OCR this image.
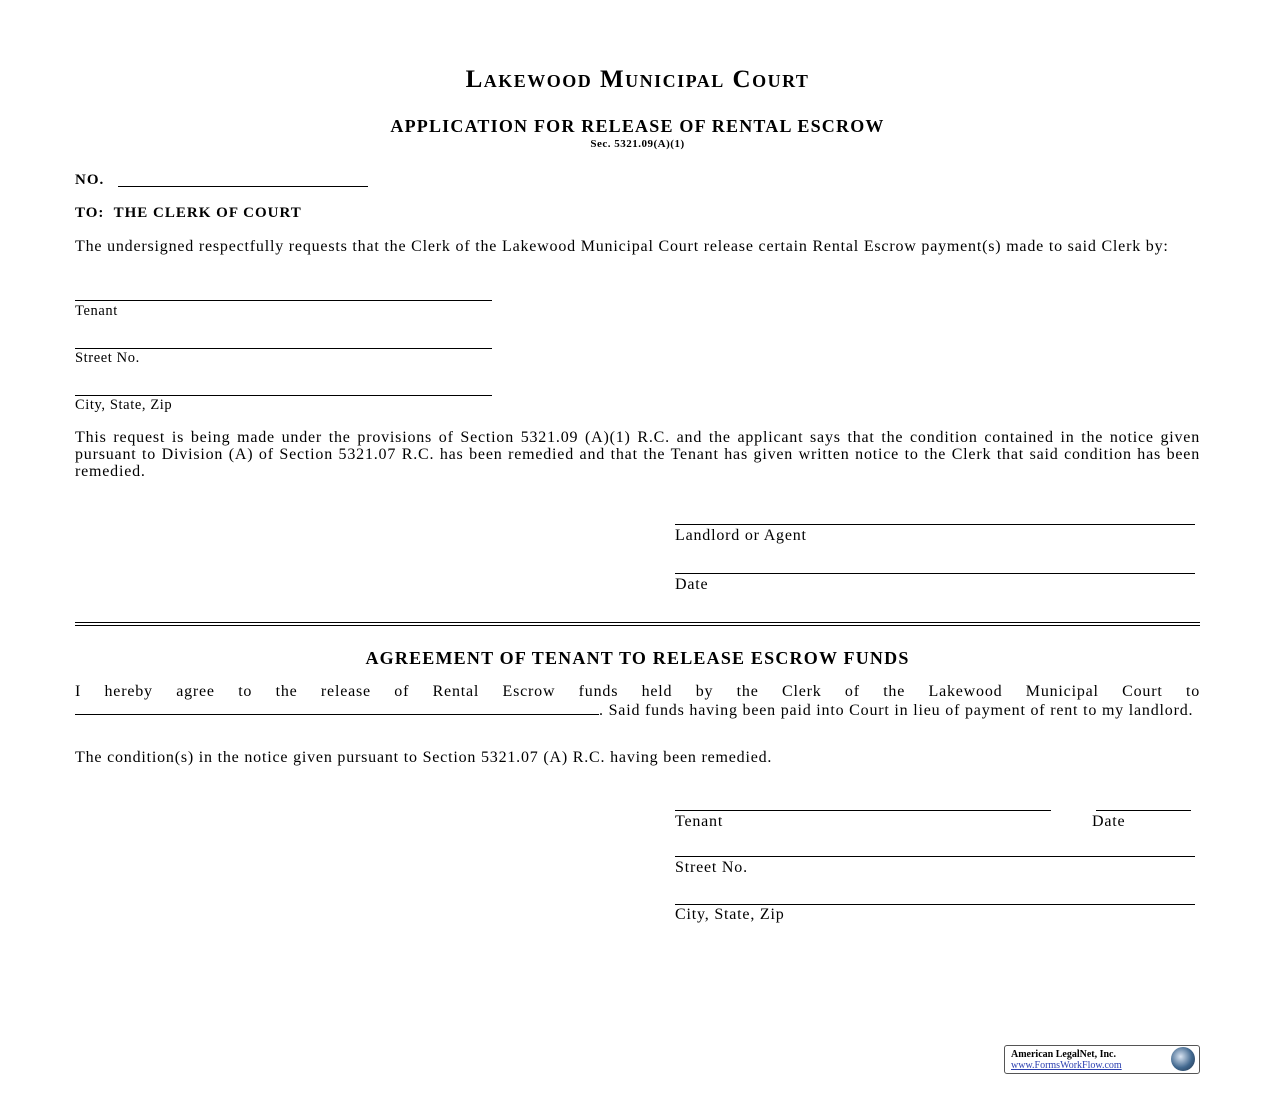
Lakewood Municipal Court
APPLICATION FOR RELEASE OF RENTAL ESCROW
Sec. 5321.09(A)(1)
NO.
TO:  THE CLERK OF COURT
The undersigned respectfully requests that the Clerk of the Lakewood Municipal Court release certain Rental Escrow payment(s) made to said Clerk by:
Tenant
Street No.
City, State, Zip
This request is being made under the provisions of Section 5321.09 (A)(1) R.C. and the applicant says that the condition contained in the notice given pursuant to Division (A) of Section 5321.07 R.C. has been remedied and that the Tenant has given written notice to the Clerk that said condition has been remedied.
Landlord or Agent
Date
AGREEMENT OF TENANT TO RELEASE ESCROW FUNDS
I hereby agree to the release of Rental Escrow funds held by the Clerk of the Lakewood Municipal Court to . Said funds having been paid into Court in lieu of payment of rent to my landlord.
The condition(s) in the notice given pursuant to Section 5321.07 (A) R.C. having been remedied.
Tenant	Date
Street No.
City, State, Zip
American LegalNet, Inc.
www.FormsWorkFlow.com
